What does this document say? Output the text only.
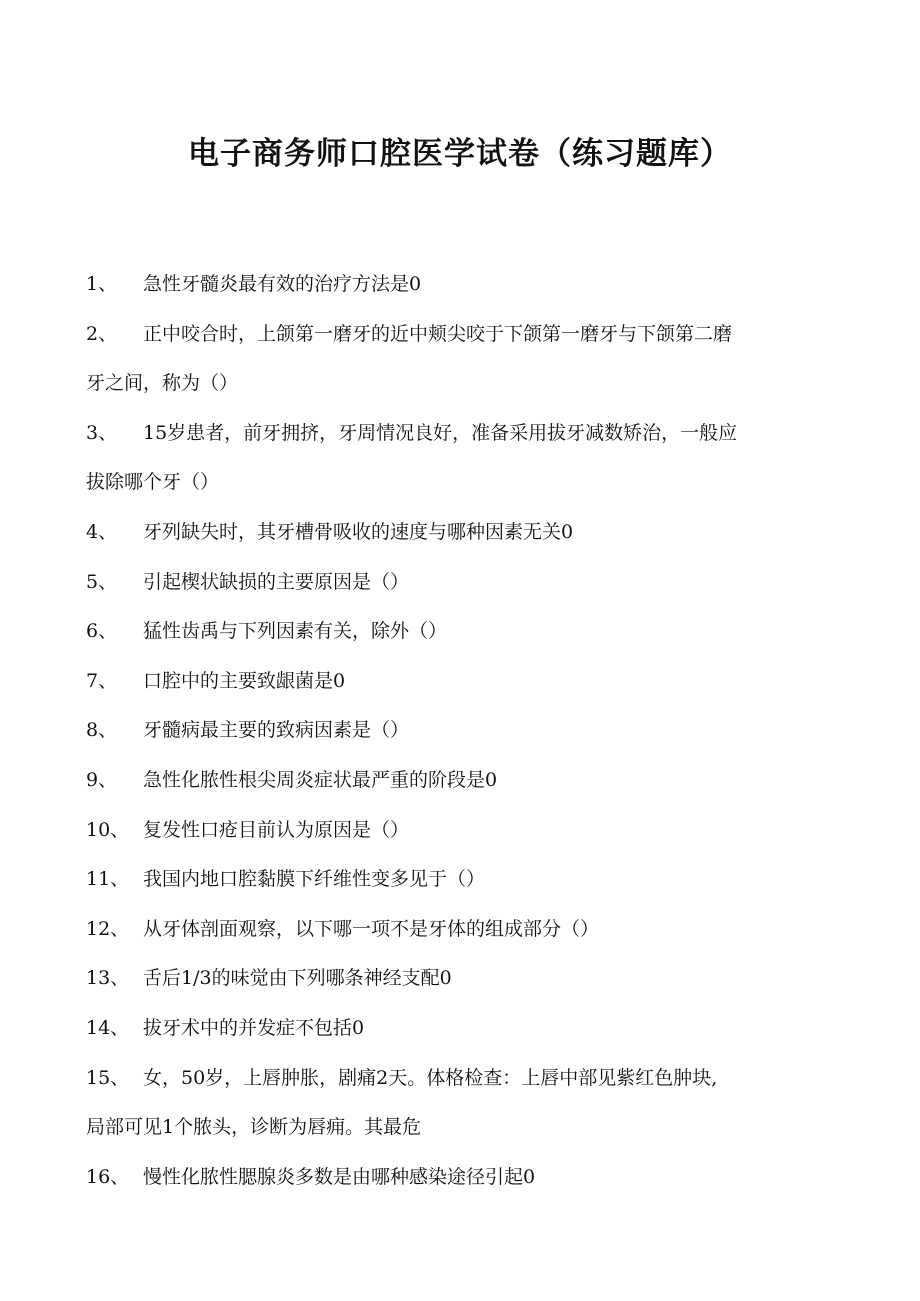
电子商务师口腔医学试卷（练习题库）
1、 急性牙髓炎最有效的治疗方法是0
2、 正中咬合时，上颌第一磨牙的近中颊尖咬于下颌第一磨牙与下颌第二磨
牙之间，称为（）
3、 15岁患者，前牙拥挤，牙周情况良好，准备采用拔牙减数矫治，一般应
拔除哪个牙（）
4、 牙列缺失时，其牙槽骨吸收的速度与哪种因素无关0
5、 引起楔状缺损的主要原因是（）
6、 猛性齿禹与下列因素有关，除外（）
7、 口腔中的主要致龈菌是0
8、 牙髓病最主要的致病因素是（）
9、 急性化脓性根尖周炎症状最严重的阶段是0
10、 复发性口疮目前认为原因是（）
11、 我国内地口腔黏膜下纤维性变多见于（）
12、 从牙体剖面观察，以下哪一项不是牙体的组成部分（）
13、 舌后1/3的味觉由下列哪条神经支配0
14、 拔牙术中的并发症不包括0
15、 女，50岁，上唇肿胀，剧痛2天。体格检查：上唇中部见紫红色肿块,
局部可见1个脓头，诊断为唇痈。其最危
16、 慢性化脓性腮腺炎多数是由哪种感染途径引起0
